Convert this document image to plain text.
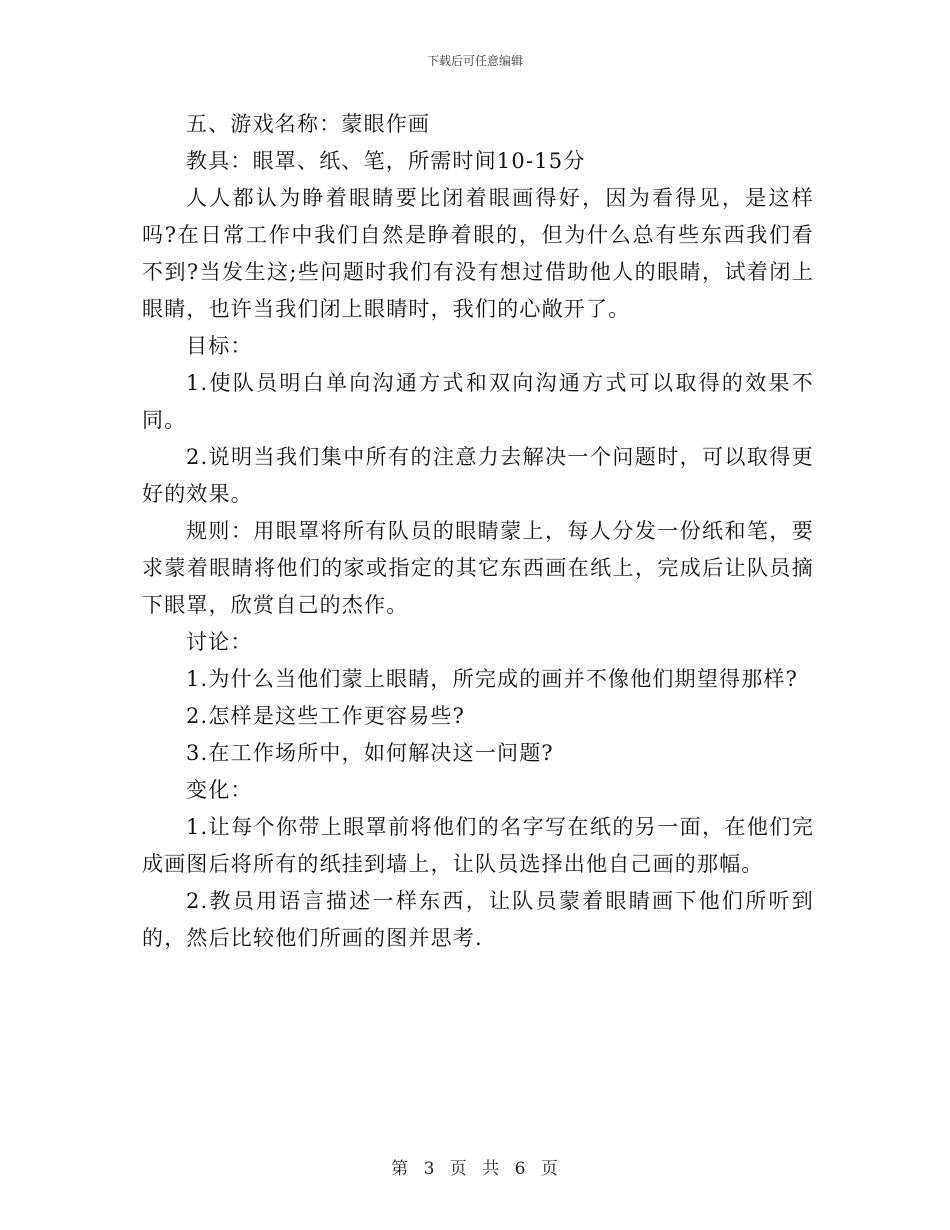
下载后可任意编辑

五、游戏名称：蒙眼作画

教具：眼罩、纸、笔，所需时间10-15分

人人都认为睁着眼睛要比闭着眼画得好，因为看得见，是这样吗?在日常工作中我们自然是睁着眼的，但为什么总有些东西我们看不到?当发生这;些问题时我们有没有想过借助他人的眼睛，试着闭上眼睛，也许当我们闭上眼睛时，我们的心敞开了。

目标：

1.使队员明白单向沟通方式和双向沟通方式可以取得的效果不同。

2.说明当我们集中所有的注意力去解决一个问题时，可以取得更好的效果。

规则：用眼罩将所有队员的眼睛蒙上，每人分发一份纸和笔，要求蒙着眼睛将他们的家或指定的其它东西画在纸上，完成后让队员摘下眼罩，欣赏自己的杰作。

讨论：

1.为什么当他们蒙上眼睛，所完成的画并不像他们期望得那样?

2.怎样是这些工作更容易些?

3.在工作场所中，如何解决这一问题?

变化：

1.让每个你带上眼罩前将他们的名字写在纸的另一面，在他们完成画图后将所有的纸挂到墙上，让队员选择出他自己画的那幅。

2.教员用语言描述一样东西，让队员蒙着眼睛画下他们所听到的，然后比较他们所画的图并思考.

第 3 页 共 6 页
